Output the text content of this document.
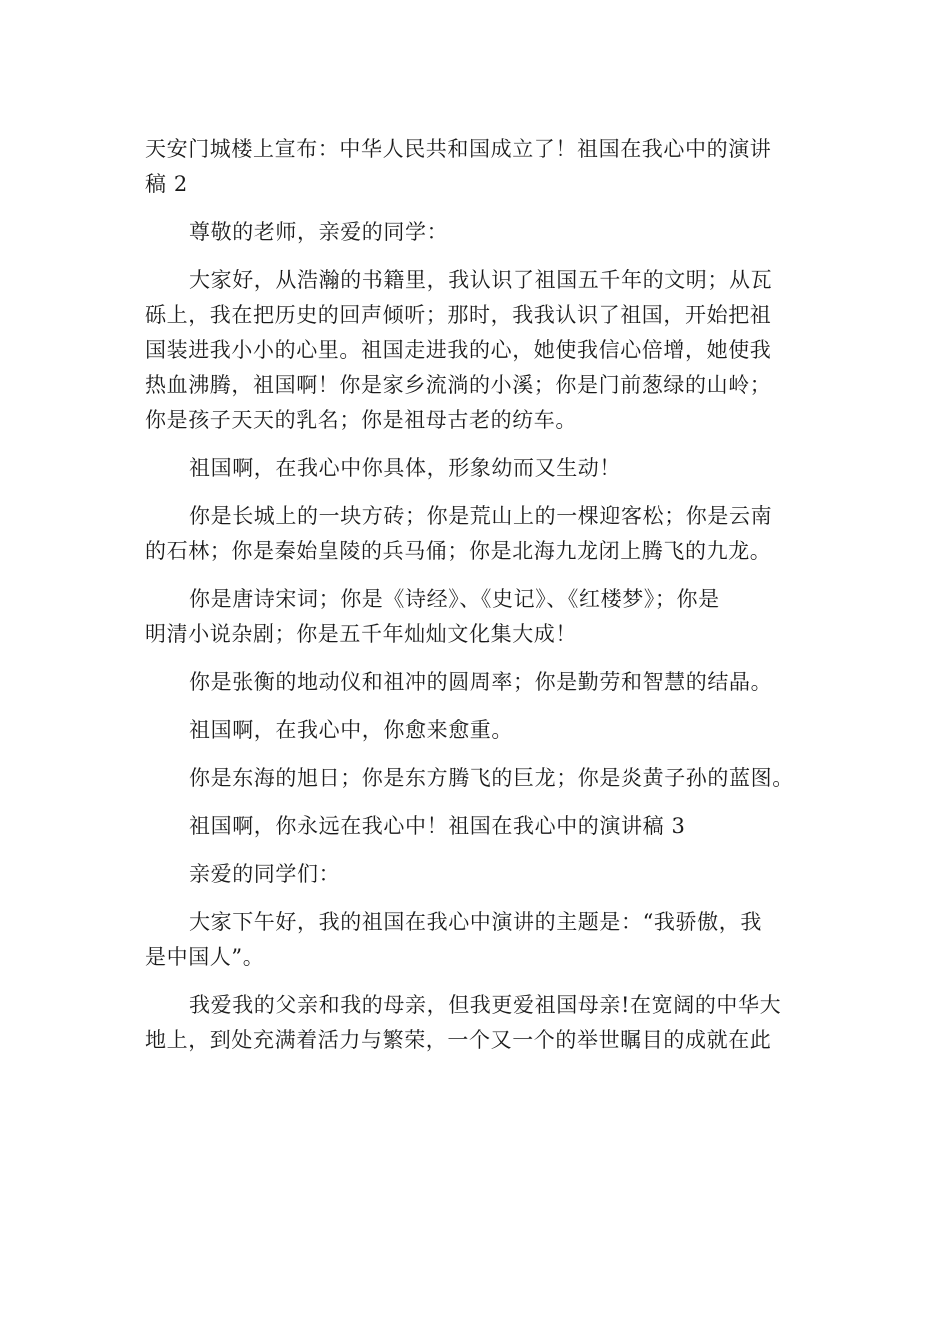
天安门城楼上宣布：中华人民共和国成立了！祖国在我心中的演讲
稿 2
尊敬的老师，亲爱的同学：
大家好，从浩瀚的书籍里，我认识了祖国五千年的文明；从瓦
砾上，我在把历史的回声倾听；那时，我我认识了祖国，开始把祖
国装进我小小的心里。祖国走进我的心，她使我信心倍增，她使我
热血沸腾，祖国啊！你是家乡流淌的小溪；你是门前葱绿的山岭；
你是孩子天天的乳名；你是祖母古老的纺车。
祖国啊，在我心中你具体，形象幼而又生动！
你是长城上的一块方砖；你是荒山上的一棵迎客松；你是云南
的石林；你是秦始皇陵的兵马俑；你是北海九龙闭上腾飞的九龙。
你是唐诗宋词；你是《诗经》、《史记》、《红楼梦》；你是
明清小说杂剧；你是五千年灿灿文化集大成！
你是张衡的地动仪和祖冲的圆周率；你是勤劳和智慧的结晶。
祖国啊，在我心中，你愈来愈重。
你是东海的旭日；你是东方腾飞的巨龙；你是炎黄子孙的蓝图。
祖国啊，你永远在我心中！祖国在我心中的演讲稿 3
亲爱的同学们：
大家下午好，我的祖国在我心中演讲的主题是：“我骄傲，我
是中国人”。
我爱我的父亲和我的母亲，但我更爱祖国母亲!在宽阔的中华大
地上，到处充满着活力与繁荣，一个又一个的举世瞩目的成就在此
